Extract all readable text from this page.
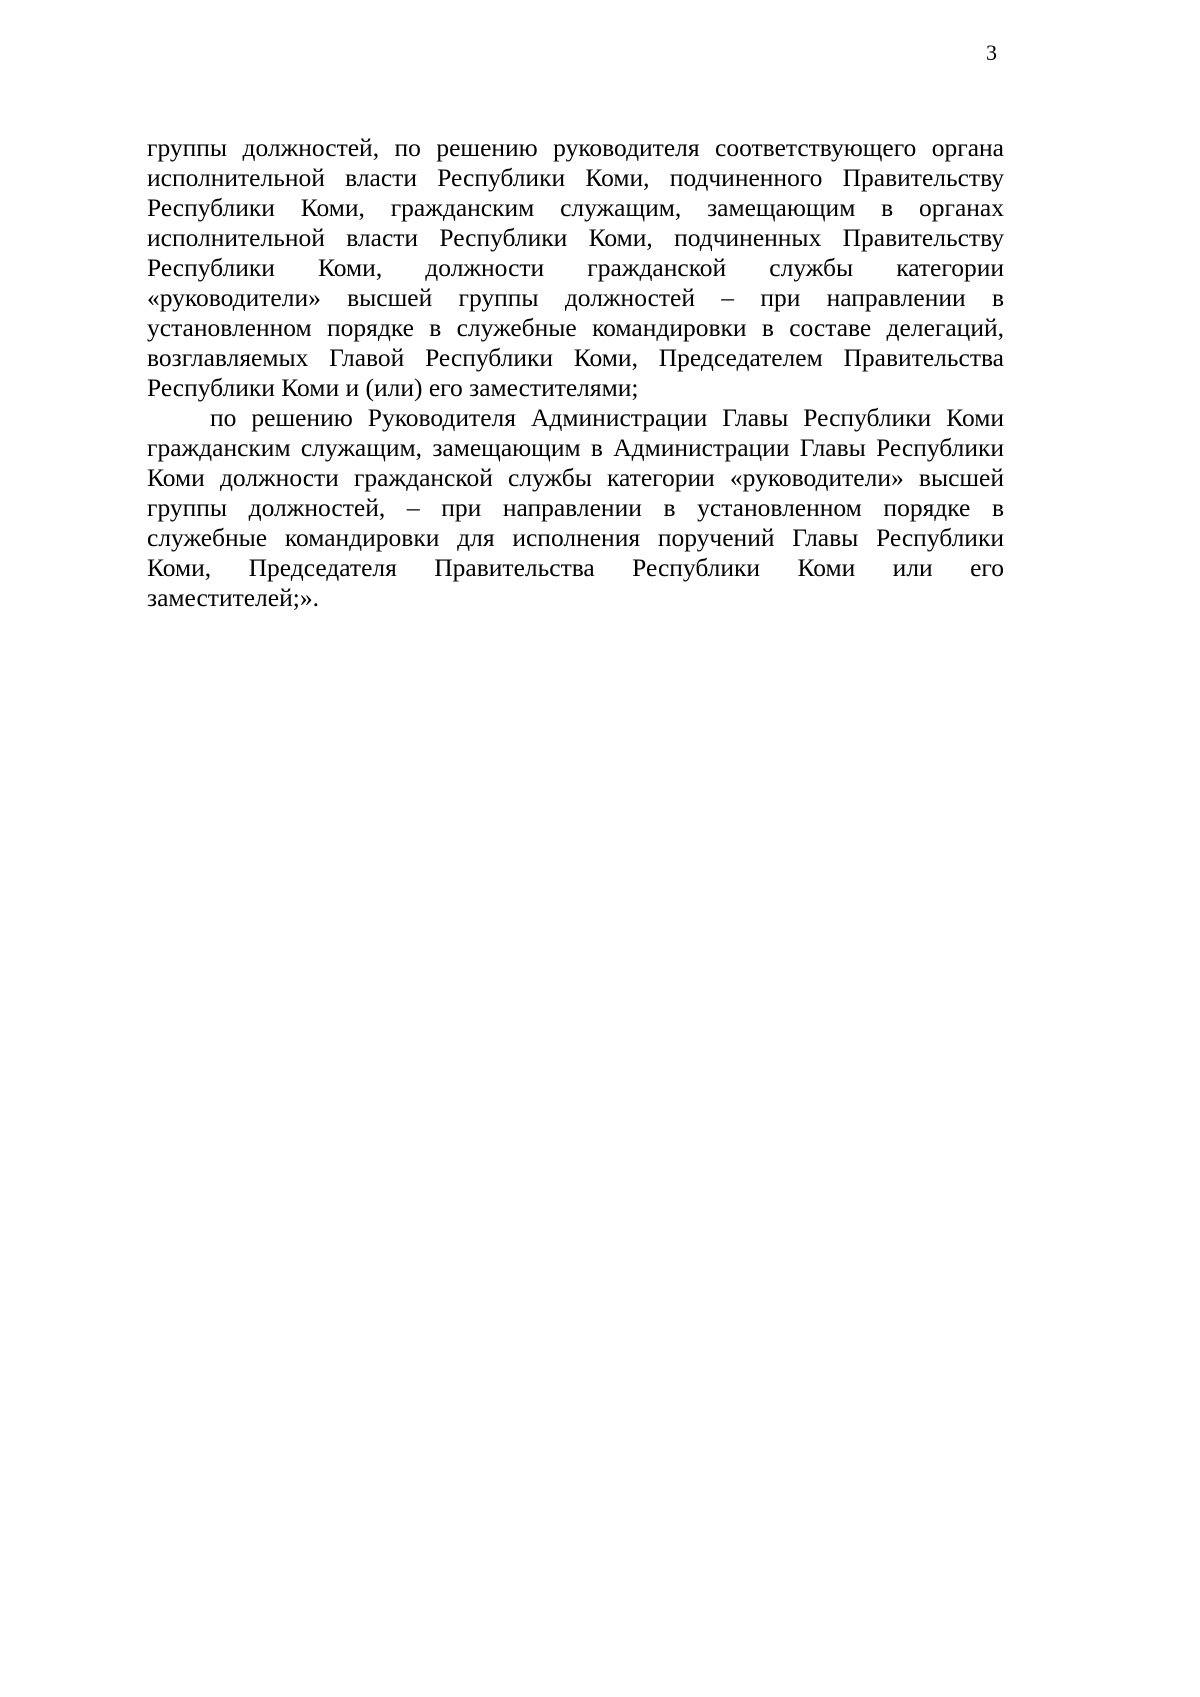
3
группы должностей, по решению руководителя соответствующего органа
исполнительной власти Республики Коми, подчиненного Правительству
Республики Коми, гражданским служащим, замещающим в органах
исполнительной власти Республики Коми, подчиненных Правительству
Республики Коми, должности гражданской службы категории
«руководители» высшей группы должностей – при направлении в
установленном порядке в служебные командировки в составе делегаций,
возглавляемых Главой Республики Коми, Председателем Правительства
Республики Коми и (или) его заместителями;
по решению Руководителя Администрации Главы Республики Коми
гражданским служащим, замещающим в Администрации Главы Республики
Коми должности гражданской службы категории «руководители» высшей
группы должностей, – при направлении в установленном порядке в
служебные командировки для исполнения поручений Главы Республики
Коми, Председателя Правительства Республики Коми или его
заместителей;».
